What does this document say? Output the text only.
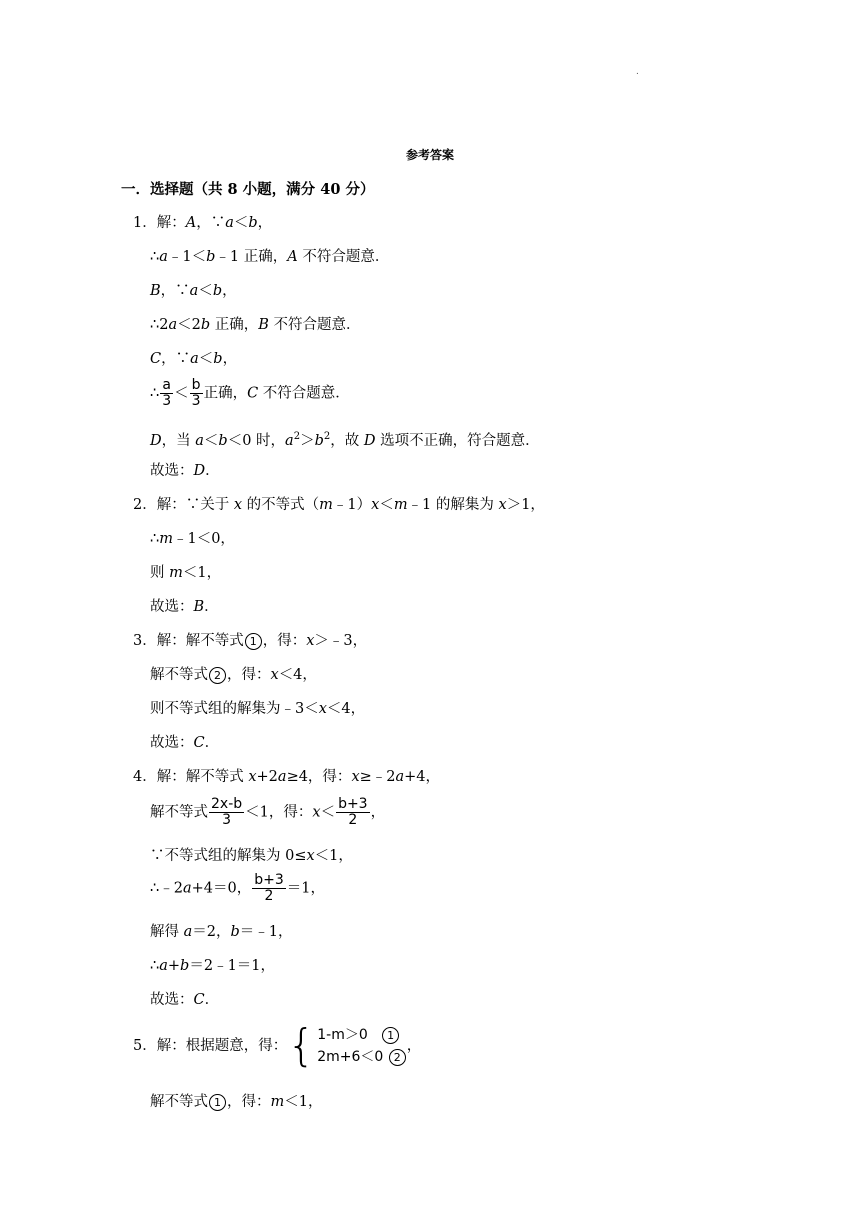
.
参考答案
一．选择题（共 8 小题，满分 40 分）
1．解：A，∵a＜b，
∴a﹣1＜b﹣1 正确，A 不符合题意．
B，∵a＜b，
∴2a＜2b 正确，B 不符合题意．
C，∵a＜b，
∴ $\frac{a}{3} < \frac{b}{3}$ 正确，C 不符合题意．
D，当 a＜b＜0 时，$a^2>b^2$，故 D 选项不正确，符合题意．
故选：D．
2．解：∵关于 x 的不等式（m﹣1）x＜m﹣1 的解集为 x＞1，
∴m﹣1＜0，
则 m＜1，
故选：B．
3．解：解不等式 1 ，得：x＞﹣3，
解不等式 2 ，得：x＜4，
则不等式组的解集为﹣3＜x＜4，
故选：C．
4．解：解不等式 x+2a≥4，得：x≥﹣2a+4，
解不等式 $\frac{2x-b}{3} <1$，得：$x< \frac{b+3}{2}$ ，
∵不等式组的解集为 0≤x＜1，
∴﹣2a+4＝0， $\frac{b+3}{2} =1$，
解得 a＝2，b＝﹣1，
∴a+b＝2﹣1＝1，
故选：C．
5．解：根据题意，得： { 1-m＞0 1
2m+6＜0 2
，
解不等式 1 ，得：m＜1，
